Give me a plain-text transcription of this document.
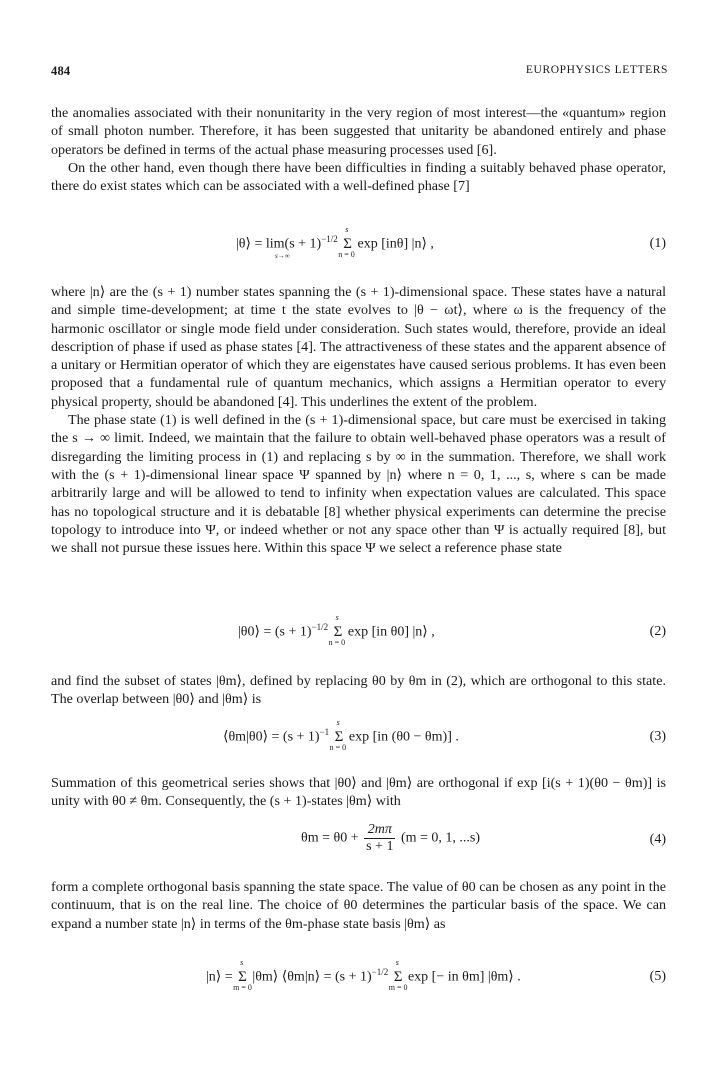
484	EUROPHYSICS LETTERS

the anomalies associated with their nonunitarity in the very region of most interest—the «quantum» region of small photon number. Therefore, it has been suggested that unitarity be abandoned entirely and phase operators be defined in terms of the actual phase measuring processes used [6].

On the other hand, even though there have been difficulties in finding a suitably behaved phase operator, there do exist states which can be associated with a well-defined phase [7]

|θ⟩ = $\lim(s + 1)^{-1/2}$ Σ
s
n = 0
exp [inθ] |n⟩ ,
s→∞
(1)

where |n⟩ are the (s + 1) number states spanning the (s + 1)-dimensional space. These states have a natural and simple time-development; at time t the state evolves to |θ − ωt⟩, where ω is the frequency of the harmonic oscillator or single mode field under consideration. Such states would, therefore, provide an ideal description of phase if used as phase states [4]. The attractiveness of these states and the apparent absence of a unitary or Hermitian operator of which they are eigenstates have caused serious problems. It has even been proposed that a fundamental rule of quantum mechanics, which assigns a Hermitian operator to every physical property, should be abandoned [4]. This underlines the extent of the problem.

The phase state (1) is well defined in the (s + 1)-dimensional space, but care must be exercised in taking the s → ∞ limit. Indeed, we maintain that the failure to obtain well-behaved phase operators was a result of disregarding the limiting process in (1) and replacing s by ∞ in the summation. Therefore, we shall work with the (s + 1)-dimensional linear space Ψ spanned by |n⟩ where n = 0, 1, ..., s, where s can be made arbitrarily large and will be allowed to tend to infinity when expectation values are calculated. This space has no topological structure and it is debatable [8] whether physical experiments can determine the precise topology to introduce into Ψ, or indeed whether or not any space other than Ψ is actually required [8], but we shall not pursue these issues here. Within this space Ψ we select a reference phase state

|θ0⟩ = $(s + 1)^{-1/2}$ Σ
s
n = 0
exp [in θ0] |n⟩ ,	(2)

and find the subset of states |θm⟩, defined by replacing θ0 by θm in (2), which are orthogonal to this state. The overlap between |θ0⟩ and |θm⟩ is

⟨θm|θ0⟩ = $(s + 1)^{-1}$ Σ
s
n = 0
exp [in (θ0 − θm)] .	(3)

Summation of this geometrical series shows that |θ0⟩ and |θm⟩ are orthogonal if exp [i(s + 1)(θ0 − θm)] is unity with θ0 ≠ θm. Consequently, the (s + 1)-states |θm⟩ with

$\theta m = \theta 0 + \frac{2m\pi}{s + 1} (m = 0$, 1, ...s)	(4)

form a complete orthogonal basis spanning the state space. The value of θ0 can be chosen as any point in the continuum, that is on the real line. The choice of θ0 determines the particular basis of the space. We can expand a number state |n⟩ in terms of the θm-phase state basis |θm⟩ as

|n⟩ = Σ
s
m = 0
|θm⟩ ⟨θm|n⟩ = $(s + 1)^{-1/2}$ Σ
s
m = 0
exp [− in θm] |θm⟩ .	(5)
